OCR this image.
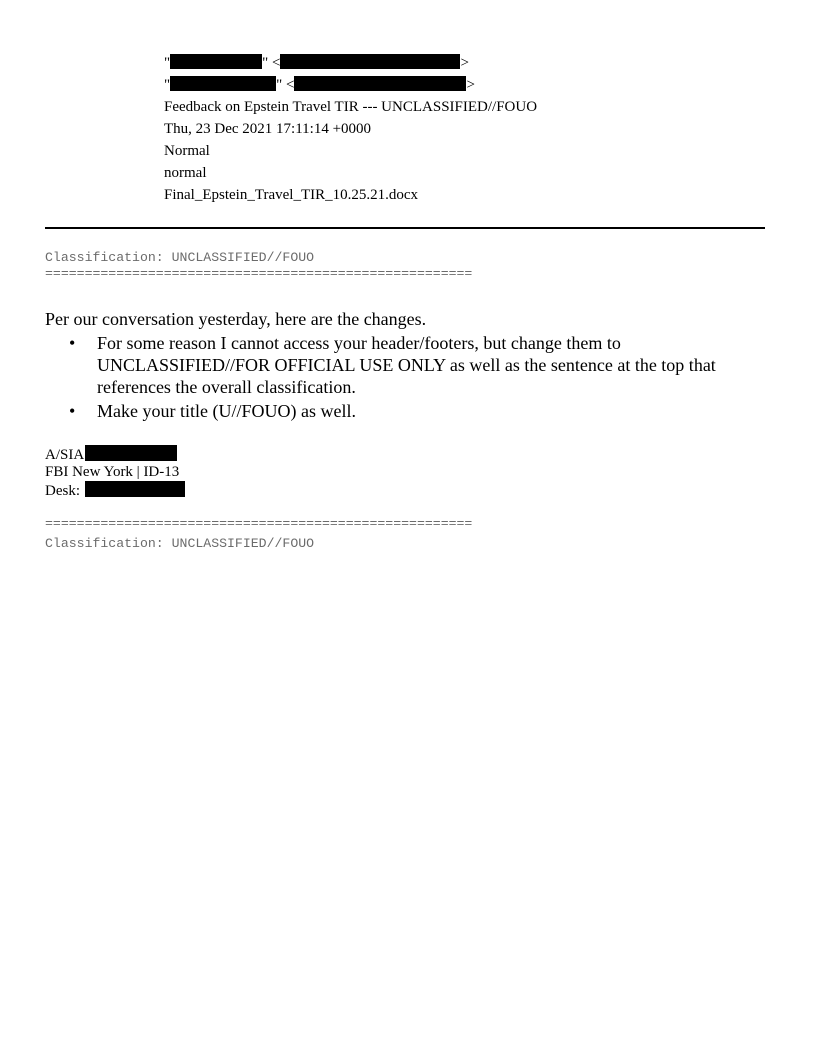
"	" <	>
"	" <	>
Feedback on Epstein Travel TIR --- UNCLASSIFIED//FOUO
Thu, 23 Dec 2021 17:11:14 +0000
Normal
normal
Final_Epstein_Travel_TIR_10.25.21.docx
Classification: UNCLASSIFIED//FOUO
======================================================
Per our conversation yesterday, here are the changes.
• For some reason I cannot access your header/footers, but change them to UNCLASSIFIED//FOR OFFICIAL USE ONLY as well as the sentence at the top that references the overall classification.
• Make your title (U//FOUO) as well.
A/SIA
FBI New York | ID-13
Desk:
======================================================
Classification: UNCLASSIFIED//FOUO
